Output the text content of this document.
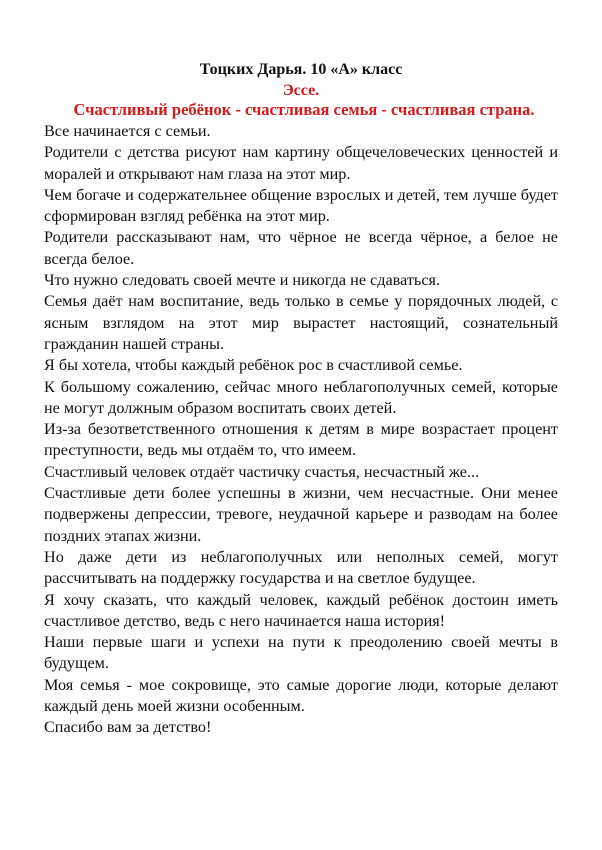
Тоцких Дарья. 10 «А» класс
Эссе.
Счастливый ребёнок - счастливая семья - счастливая страна.

Все начинается с семьи.

Родители с детства рисуют нам картину общечеловеческих ценностей и моралей и открывают нам глаза на этот мир.

Чем богаче и содержательнее общение взрослых и детей, тем лучше будет сформирован взгляд ребёнка на этот мир.

Родители рассказывают нам, что чёрное не всегда чёрное, а белое не всегда белое.

Что нужно следовать своей мечте и никогда не сдаваться.

Семья даёт нам воспитание, ведь только в семье у порядочных людей, с ясным взглядом на этот мир вырастет настоящий, сознательный гражданин нашей страны.

Я бы хотела, чтобы каждый ребёнок рос в счастливой семье.

К большому сожалению, сейчас много неблагополучных семей, которые не могут должным образом воспитать своих детей.

Из-за безответственного отношения к детям в мире возрастает процент преступности, ведь мы отдаём то, что имеем.

Счастливый человек отдаёт частичку счастья, несчастный же...

Счастливые дети более успешны в жизни, чем несчастные. Они менее подвержены депрессии, тревоге, неудачной карьере и разводам на более поздних этапах жизни.

Но даже дети из неблагополучных или неполных семей, могут рассчитывать на поддержку государства и на светлое будущее.

Я хочу сказать, что каждый человек, каждый ребёнок достоин иметь счастливое детство, ведь с него начинается наша история!

Наши первые шаги и успехи на пути к преодолению своей мечты в будущем.

Моя семья - мое сокровище, это самые дорогие люди, которые делают каждый день моей жизни особенным.

Спасибо вам за детство!
